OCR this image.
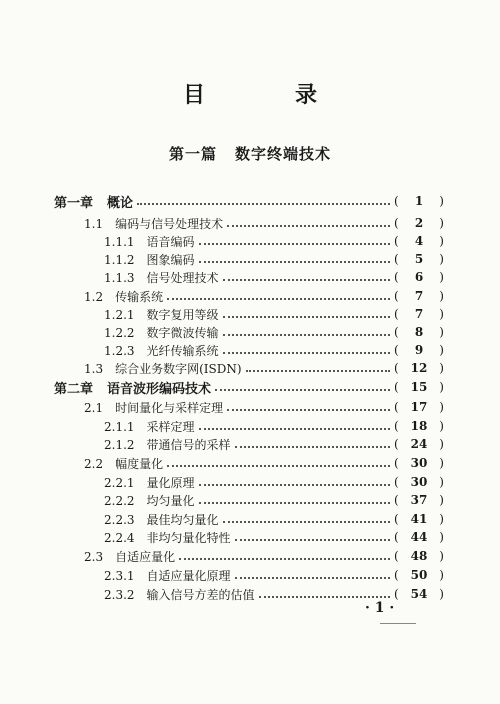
目　录
第一篇 数字终端技术
第一章 概论	( 1 )
1.1 编码与信号处理技术	( 2 )
1.1.1 语音编码	( 4 )
1.1.2 图象编码	( 5 )
1.1.3 信号处理技术	( 6 )
1.2 传输系统	( 7 )
1.2.1 数字复用等级	( 7 )
1.2.2 数字微波传输	( 8 )
1.2.3 光纤传输系统	( 9 )
1.3 综合业务数字网(ISDN)	( 12 )
第二章 语音波形编码技术	( 15 )
2.1 时间量化与采样定理	( 17 )
2.1.1 采样定理	( 18 )
2.1.2 带通信号的采样	( 24 )
2.2 幅度量化	( 30 )
2.2.1 量化原理	( 30 )
2.2.2 均匀量化	( 37 )
2.2.3 最佳均匀量化	( 41 )
2.2.4 非均匀量化特性	( 44 )
2.3 自适应量化	( 48 )
2.3.1 自适应量化原理	( 50 )
2.3.2 输入信号方差的估值	( 54 )
· 1 ·
